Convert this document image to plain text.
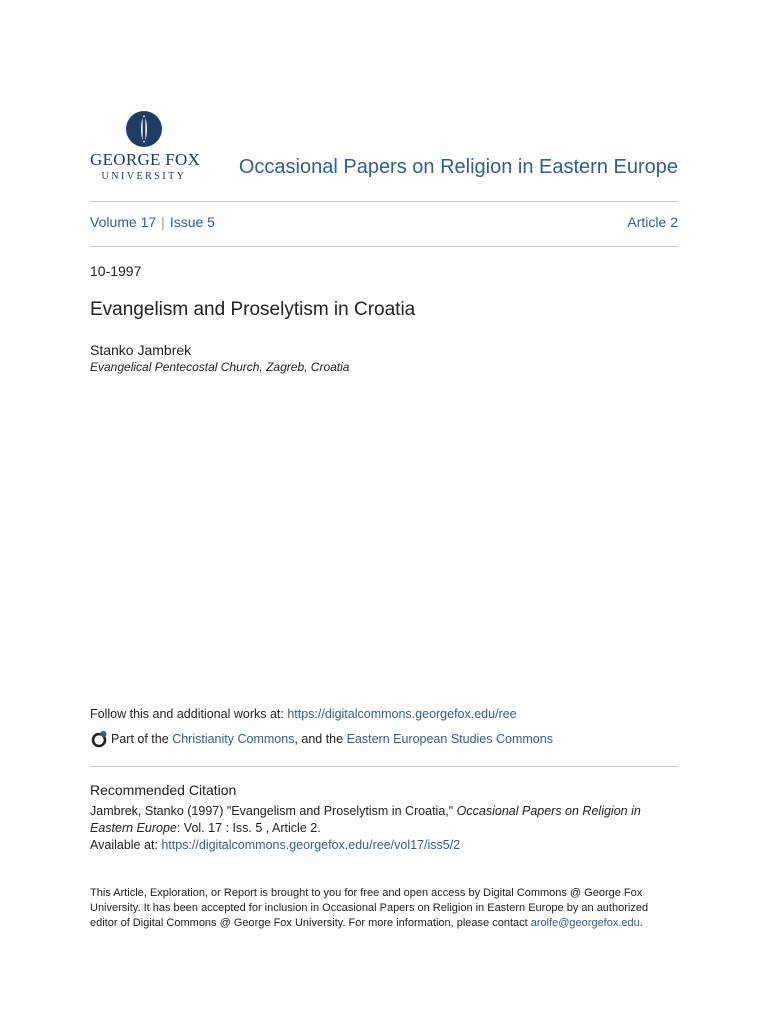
GEORGE FOX
UNIVERSITY	Occasional Papers on Religion in Eastern Europe
Volume 17 | Issue 5	Article 2
10-1997
Evangelism and Proselytism in Croatia
Stanko Jambrek
Evangelical Pentecostal Church, Zagreb, Croatia
Follow this and additional works at: https://digitalcommons.georgefox.edu/ree
Part of the
Christianity Commons , and the
Eastern European Studies Commons
Recommended Citation
Jambrek, Stanko (1997) "Evangelism and Proselytism in Croatia," Occasional Papers on Religion in Eastern Europe: Vol. 17 : Iss. 5 , Article 2.
Available at: https://digitalcommons.georgefox.edu/ree/vol17/iss5/2
This Article, Exploration, or Report is brought to you for free and open access by Digital Commons @ George Fox University. It has been accepted for inclusion in Occasional Papers on Religion in Eastern Europe by an authorized editor of Digital Commons @ George Fox University. For more information, please contact arolfe@georgefox.edu.
